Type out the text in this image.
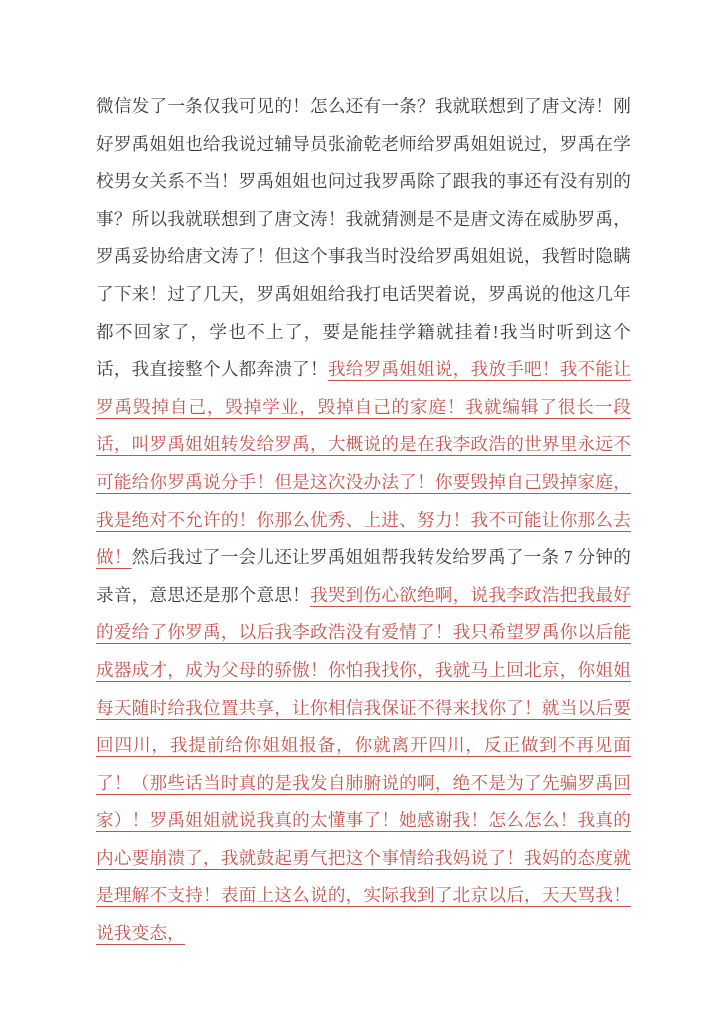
微信发了一条仅我可见的！怎么还有一条？我就联想到了唐文涛！刚好罗禹姐姐也给我说过辅导员张渝乾老师给罗禹姐姐说过，罗禹在学校男女关系不当！罗禹姐姐也问过我罗禹除了跟我的事还有没有别的事？所以我就联想到了唐文涛！我就猜测是不是唐文涛在威胁罗禹，罗禹妥协给唐文涛了！但这个事我当时没给罗禹姐姐说，我暂时隐瞒了下来！过了几天，罗禹姐姐给我打电话哭着说，罗禹说的他这几年都不回家了，学也不上了，要是能挂学籍就挂着!我当时听到这个话，我直接整个人都奔溃了！我给罗禹姐姐说，我放手吧！我不能让罗禹毁掉自己，毁掉学业，毁掉自己的家庭！我就编辑了很长一段话，叫罗禹姐姐转发给罗禹，大概说的是在我李政浩的世界里永远不可能给你罗禹说分手！但是这次没办法了！你要毁掉自己毁掉家庭，我是绝对不允许的！你那么优秀、上进、努力！我不可能让你那么去做！然后我过了一会儿还让罗禹姐姐帮我转发给罗禹了一条 7 分钟的录音，意思还是那个意思！我哭到伤心欲绝啊，说我李政浩把我最好的爱给了你罗禹，以后我李政浩没有爱情了！我只希望罗禹你以后能成器成才，成为父母的骄傲！你怕我找你，我就马上回北京，你姐姐每天随时给我位置共享，让你相信我保证不得来找你了！就当以后要回四川，我提前给你姐姐报备，你就离开四川，反正做到不再见面了！（那些话当时真的是我发自肺腑说的啊，绝不是为了先骗罗禹回家）！罗禹姐姐就说我真的太懂事了！她感谢我！怎么怎么！我真的内心要崩溃了，我就鼓起勇气把这个事情给我妈说了！我妈的态度就是理解不支持！表面上这么说的，实际我到了北京以后，天天骂我！说我变态，
